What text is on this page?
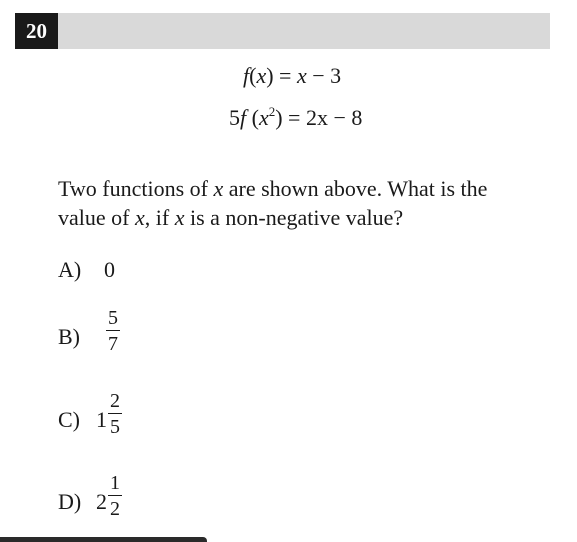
20
f(x) = x − 3
5f $(x^2) = 2x - 8$
Two functions of x are shown above. What is the value of x, if x is a non-negative value?
A) 0
B)
5
7
C) 1
2
5
D) 2
1
2
